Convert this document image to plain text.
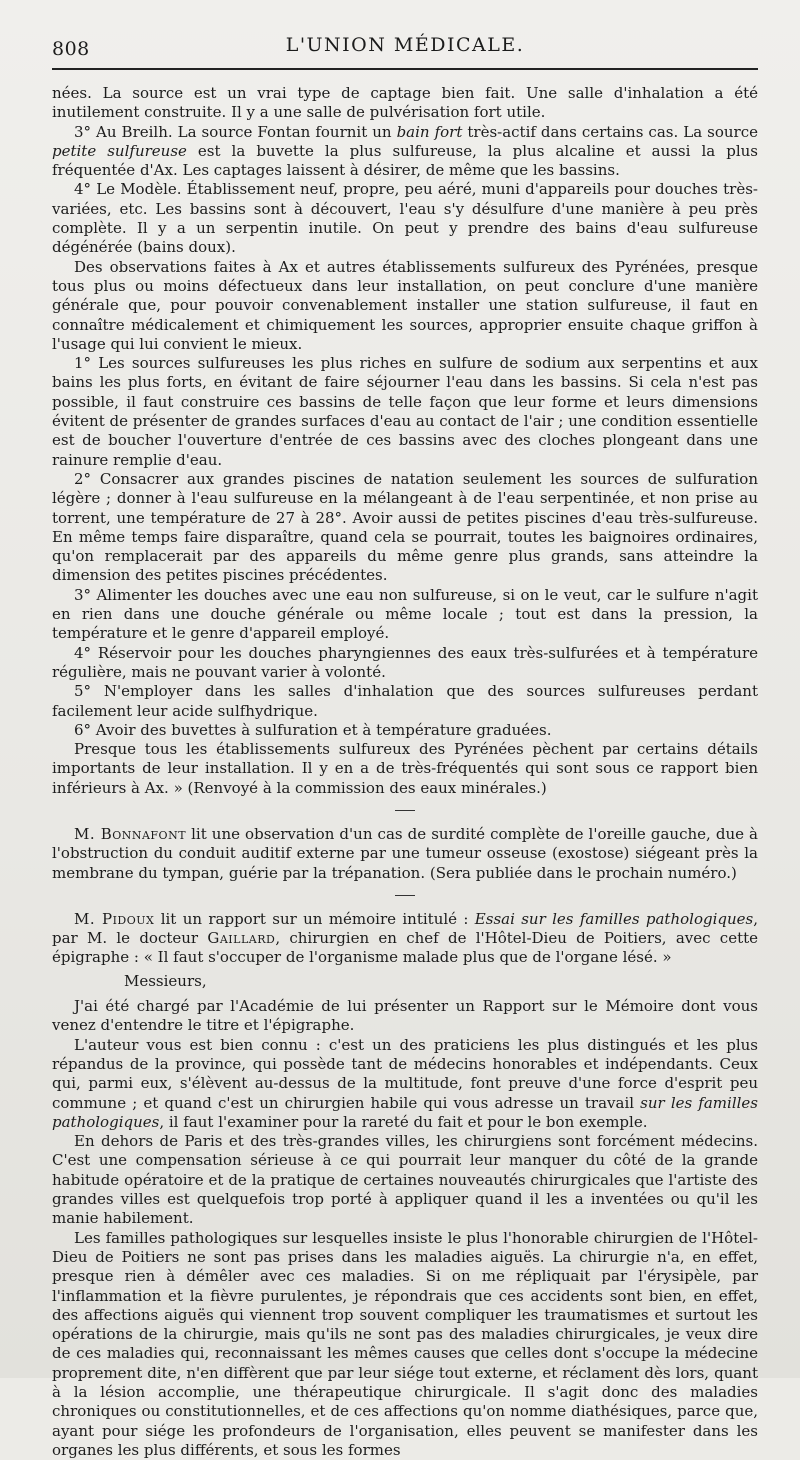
808	L'UNION MÉDICALE.

nées. La source est un vrai type de captage bien fait. Une salle d'inhalation a été inutilement construite. Il y a une salle de pulvérisation fort utile.

3° Au Breilh. La source Fontan fournit un bain fort très-actif dans certains cas. La source petite sulfureuse est la buvette la plus sulfureuse, la plus alcaline et aussi la plus fréquentée d'Ax. Les captages laissent à désirer, de même que les bassins.

4° Le Modèle. Établissement neuf, propre, peu aéré, muni d'appareils pour douches très-variées, etc. Les bassins sont à découvert, l'eau s'y désulfure d'une manière à peu près complète. Il y a un serpentin inutile. On peut y prendre des bains d'eau sulfureuse dégénérée (bains doux).

Des observations faites à Ax et autres établissements sulfureux des Pyrénées, presque tous plus ou moins défectueux dans leur installation, on peut conclure d'une manière générale que, pour pouvoir convenablement installer une station sulfureuse, il faut en connaître médicalement et chimiquement les sources, approprier ensuite chaque griffon à l'usage qui lui convient le mieux.

1° Les sources sulfureuses les plus riches en sulfure de sodium aux serpentins et aux bains les plus forts, en évitant de faire séjourner l'eau dans les bassins. Si cela n'est pas possible, il faut construire ces bassins de telle façon que leur forme et leurs dimensions évitent de présenter de grandes surfaces d'eau au contact de l'air ; une condition essentielle est de boucher l'ouverture d'entrée de ces bassins avec des cloches plongeant dans une rainure remplie d'eau.

2° Consacrer aux grandes piscines de natation seulement les sources de sulfuration légère ; donner à l'eau sulfureuse en la mélangeant à de l'eau serpentinée, et non prise au torrent, une température de 27 à 28°. Avoir aussi de petites piscines d'eau très-sulfureuse. En même temps faire disparaître, quand cela se pourrait, toutes les baignoires ordinaires, qu'on remplacerait par des appareils du même genre plus grands, sans atteindre la dimension des petites piscines précédentes.

3° Alimenter les douches avec une eau non sulfureuse, si on le veut, car le sulfure n'agit en rien dans une douche générale ou même locale ; tout est dans la pression, la température et le genre d'appareil employé.

4° Réservoir pour les douches pharyngiennes des eaux très-sulfurées et à température régulière, mais ne pouvant varier à volonté.

5° N'employer dans les salles d'inhalation que des sources sulfureuses perdant facilement leur acide sulfhydrique.

6° Avoir des buvettes à sulfuration et à température graduées.

Presque tous les établissements sulfureux des Pyrénées pèchent par certains détails importants de leur installation. Il y en a de très-fréquentés qui sont sous ce rapport bien inférieurs à Ax. » (Renvoyé à la commission des eaux minérales.)

M. Bonnafont lit une observation d'un cas de surdité complète de l'oreille gauche, due à l'obstruction du conduit auditif externe par une tumeur osseuse (exostose) siégeant près la membrane du tympan, guérie par la trépanation. (Sera publiée dans le prochain numéro.)

M. Pidoux lit un rapport sur un mémoire intitulé : Essai sur les familles pathologiques, par M. le docteur Gaillard, chirurgien en chef de l'Hôtel-Dieu de Poitiers, avec cette épigraphe : « Il faut s'occuper de l'organisme malade plus que de l'organe lésé. »

Messieurs,

J'ai été chargé par l'Académie de lui présenter un Rapport sur le Mémoire dont vous venez d'entendre le titre et l'épigraphe.

L'auteur vous est bien connu : c'est un des praticiens les plus distingués et les plus répandus de la province, qui possède tant de médecins honorables et indépendants. Ceux qui, parmi eux, s'élèvent au-dessus de la multitude, font preuve d'une force d'esprit peu commune ; et quand c'est un chirurgien habile qui vous adresse un travail sur les familles pathologiques, il faut l'examiner pour la rareté du fait et pour le bon exemple.

En dehors de Paris et des très-grandes villes, les chirurgiens sont forcément médecins. C'est une compensation sérieuse à ce qui pourrait leur manquer du côté de la grande habitude opératoire et de la pratique de certaines nouveautés chirurgicales que l'artiste des grandes villes est quelquefois trop porté à appliquer quand il les a inventées ou qu'il les manie habilement.

Les familles pathologiques sur lesquelles insiste le plus l'honorable chirurgien de l'Hôtel-Dieu de Poitiers ne sont pas prises dans les maladies aiguës. La chirurgie n'a, en effet, presque rien à démêler avec ces maladies. Si on me répliquait par l'érysipèle, par l'inflammation et la fièvre purulentes, je répondrais que ces accidents sont bien, en effet, des affections aiguës qui viennent trop souvent compliquer les traumatismes et surtout les opérations de la chirurgie, mais qu'ils ne sont pas des maladies chirurgicales, je veux dire de ces maladies qui, reconnaissant les mêmes causes que celles dont s'occupe la médecine proprement dite, n'en diffèrent que par leur siége tout externe, et réclament dès lors, quant à la lésion accomplie, une thérapeutique chirurgicale. Il s'agit donc des maladies chroniques ou constitutionnelles, et de ces affections qu'on nomme diathésiques, parce que, ayant pour siége les profondeurs de l'organisation, elles peuvent se manifester dans les organes les plus différents, et sous les formes
